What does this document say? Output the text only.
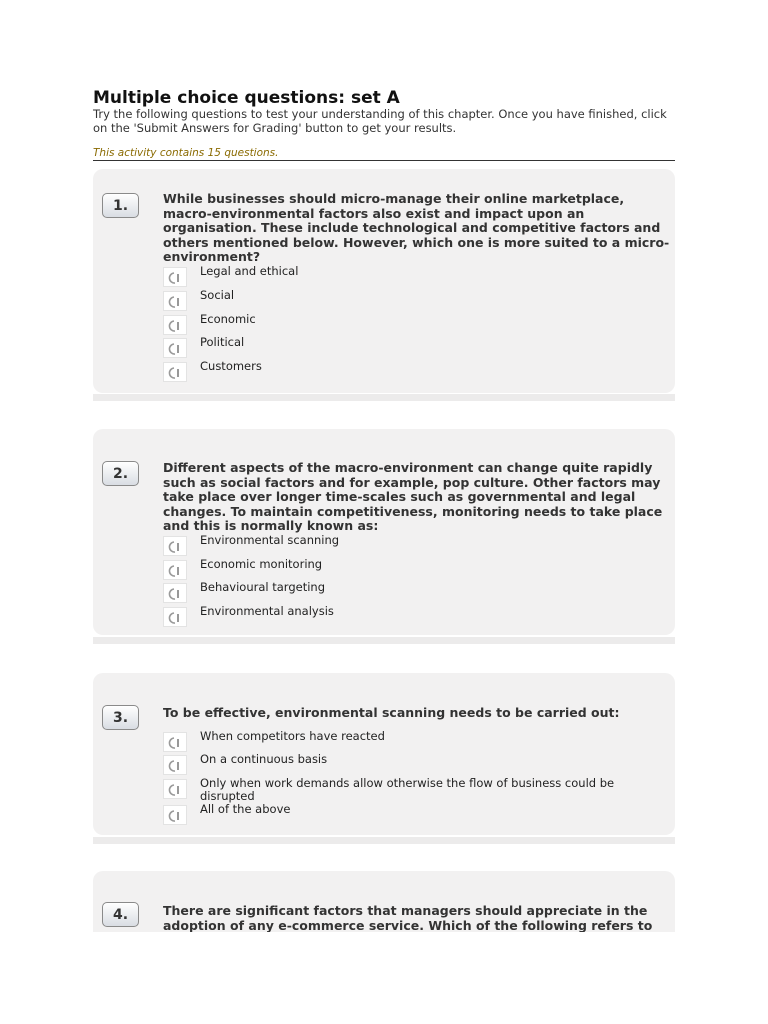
Multiple choice questions: set A
Try the following questions to test your understanding of this chapter. Once you have finished, click on the 'Submit Answers for Grading' button to get your results.
This activity contains 15 questions.
1.	While businesses should micro-manage their online marketplace, macro-environmental factors also exist and impact upon an organisation. These include technological and competitive factors and others mentioned below. However, which one is more suited to a micro-environment?
Legal and ethical
Social
Economic
Political
Customers
2.	Different aspects of the macro-environment can change quite rapidly such as social factors and for example, pop culture. Other factors may take place over longer time-scales such as governmental and legal changes. To maintain competitiveness, monitoring needs to take place and this is normally known as:
Environmental scanning
Economic monitoring
Behavioural targeting
Environmental analysis
3.	To be effective, environmental scanning needs to be carried out:
When competitors have reacted
On a continuous basis
Only when work demands allow otherwise the flow of business could be disrupted
All of the above
4.	There are significant factors that managers should appreciate in the adoption of any e-commerce service. Which of the following refers to
